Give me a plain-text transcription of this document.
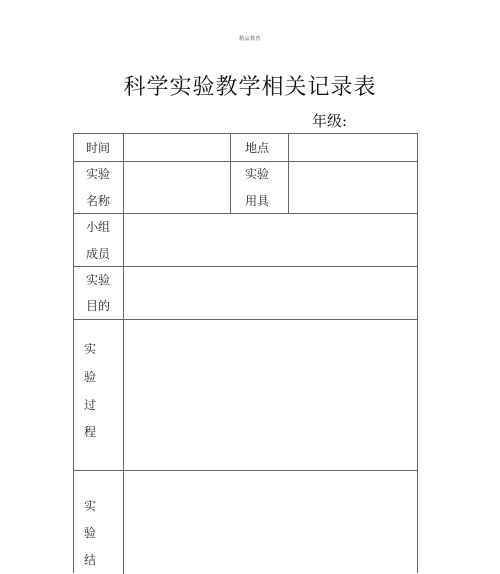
精品教育
科学实验教学相关记录表
年级:
时间	地点
实验
名称
实验
用具
小组
成员
实验
目的
实
验
过
程
实
验
结
